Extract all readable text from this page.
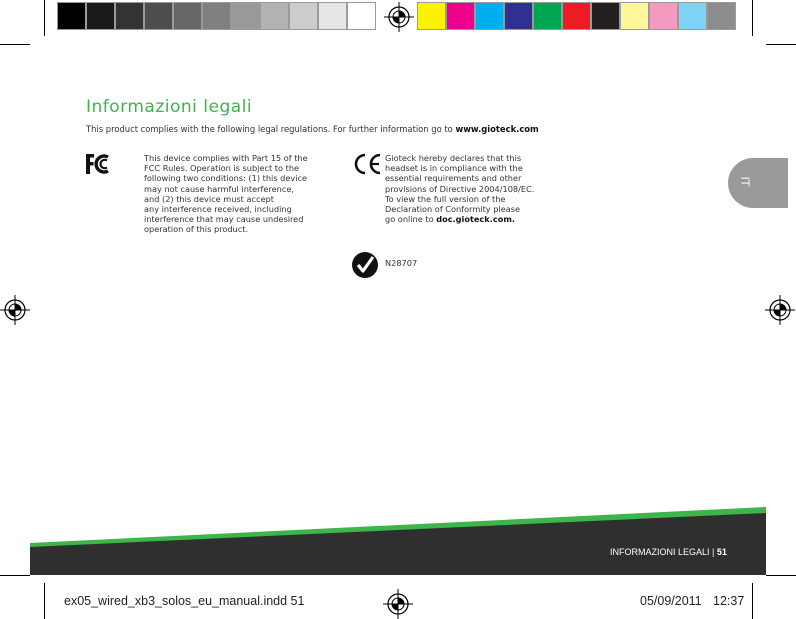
Informazioni legali
This product complies with the following legal regulations. For further information go to www.gioteck.com
This device complies with Part 15 of the
FCC Rules. Operation is subject to the
following two conditions: (1) this device
may not cause harmful interference,
and (2) this device must accept
any interference received, including
interference that may cause undesired
operation of this product.
Gioteck hereby declares that this
headset is in compliance with the
essential requirements and other
provisions of Directive 2004/108/EC.
To view the full version of the
Declaration of Conformity please
go online to doc.gioteck.com.
N28707
IT
INFORMAZIONI LEGALI | 51
ex05_wired_xb3_solos_eu_manual.indd 51	05/09/2011 12:37
